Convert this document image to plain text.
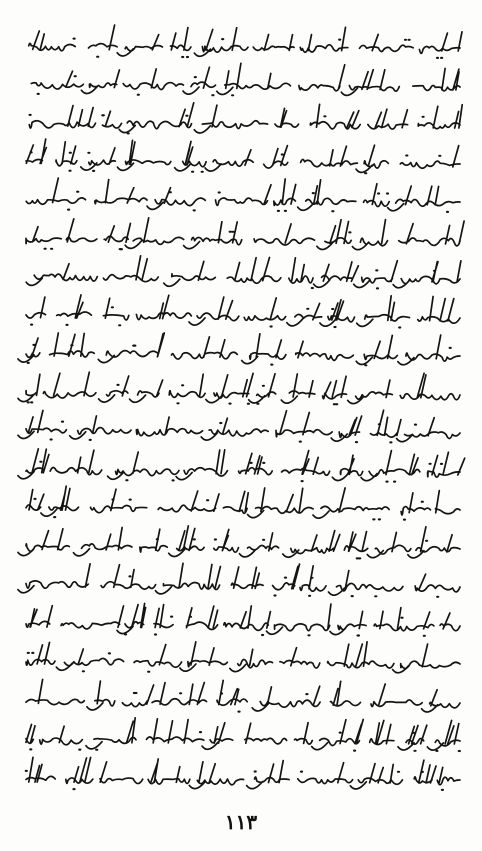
١١٣
